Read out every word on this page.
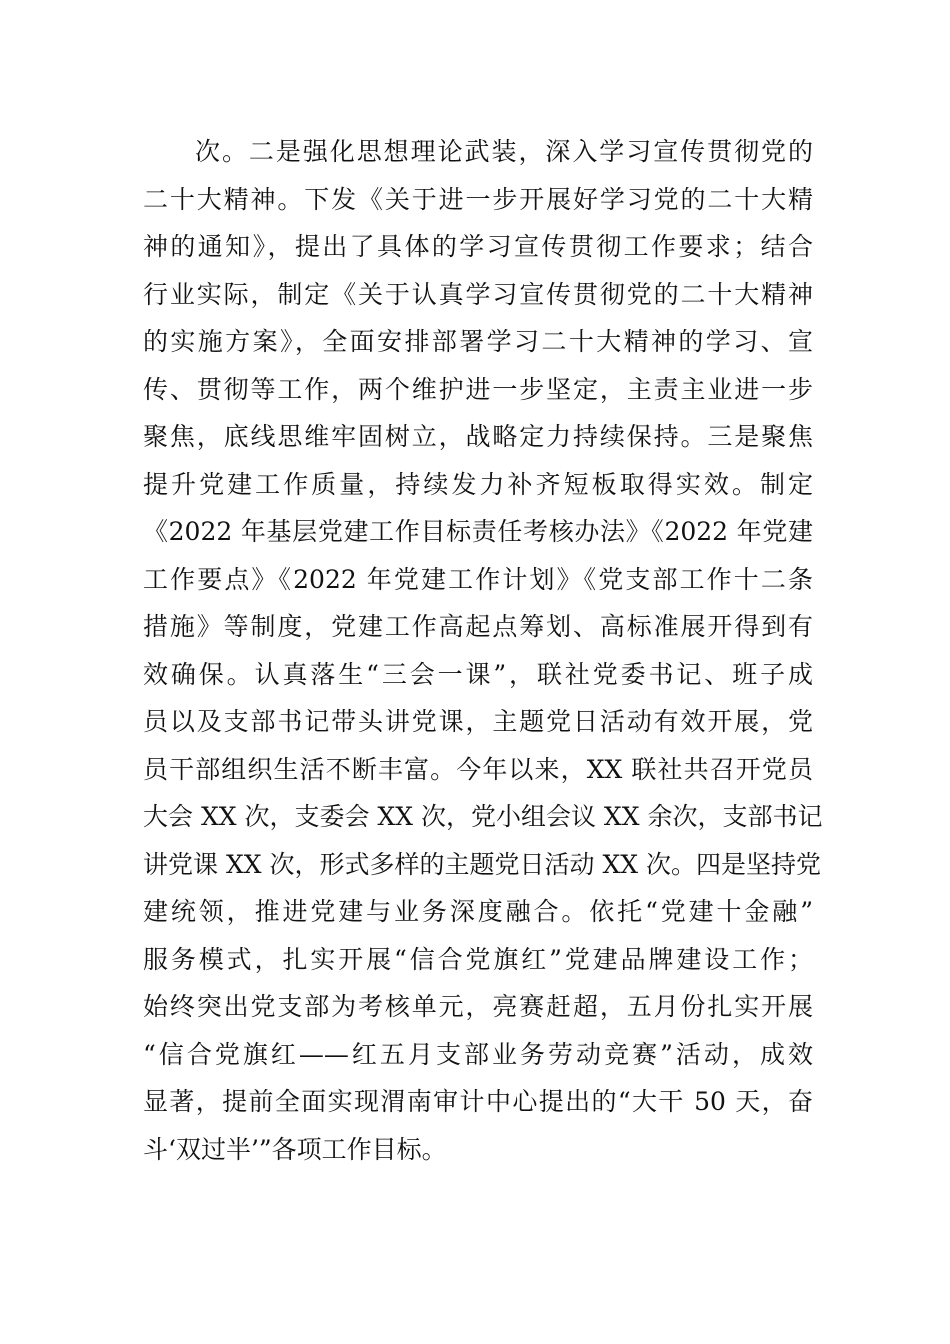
次。二是强化思想理论武装，深入学习宣传贯彻党的
二十大精神。下发《关于进一步开展好学习党的二十大精
神的通知》，提出了具体的学习宣传贯彻工作要求；结合
行业实际，制定《关于认真学习宣传贯彻党的二十大精神
的实施方案》，全面安排部署学习二十大精神的学习、宣
传、贯彻等工作，两个维护进一步坚定，主责主业进一步
聚焦，底线思维牢固树立，战略定力持续保持。三是聚焦
提升党建工作质量，持续发力补齐短板取得实效。制定
《2022 年基层党建工作目标责任考核办法》《2022 年党建
工作要点》《2022 年党建工作计划》《党支部工作十二条
措施》等制度，党建工作高起点筹划、高标准展开得到有
效确保。认真落生“三会一课”，联社党委书记、班子成
员以及支部书记带头讲党课，主题党日活动有效开展，党
员干部组织生活不断丰富。今年以来，XX 联社共召开党员
大会 XX 次，支委会 XX 次，党小组会议 XX 余次，支部书记
讲党课 XX 次，形式多样的主题党日活动 XX 次。四是坚持党
建统领，推进党建与业务深度融合。依托“党建十金融”
服务模式，扎实开展“信合党旗红”党建品牌建设工作；
始终突出党支部为考核单元，亮赛赶超，五月份扎实开展
“信合党旗红——红五月支部业务劳动竞赛”活动，成效
显著，提前全面实现渭南审计中心提出的“大干 50 天，奋
斗‘双过半’”各项工作目标。
